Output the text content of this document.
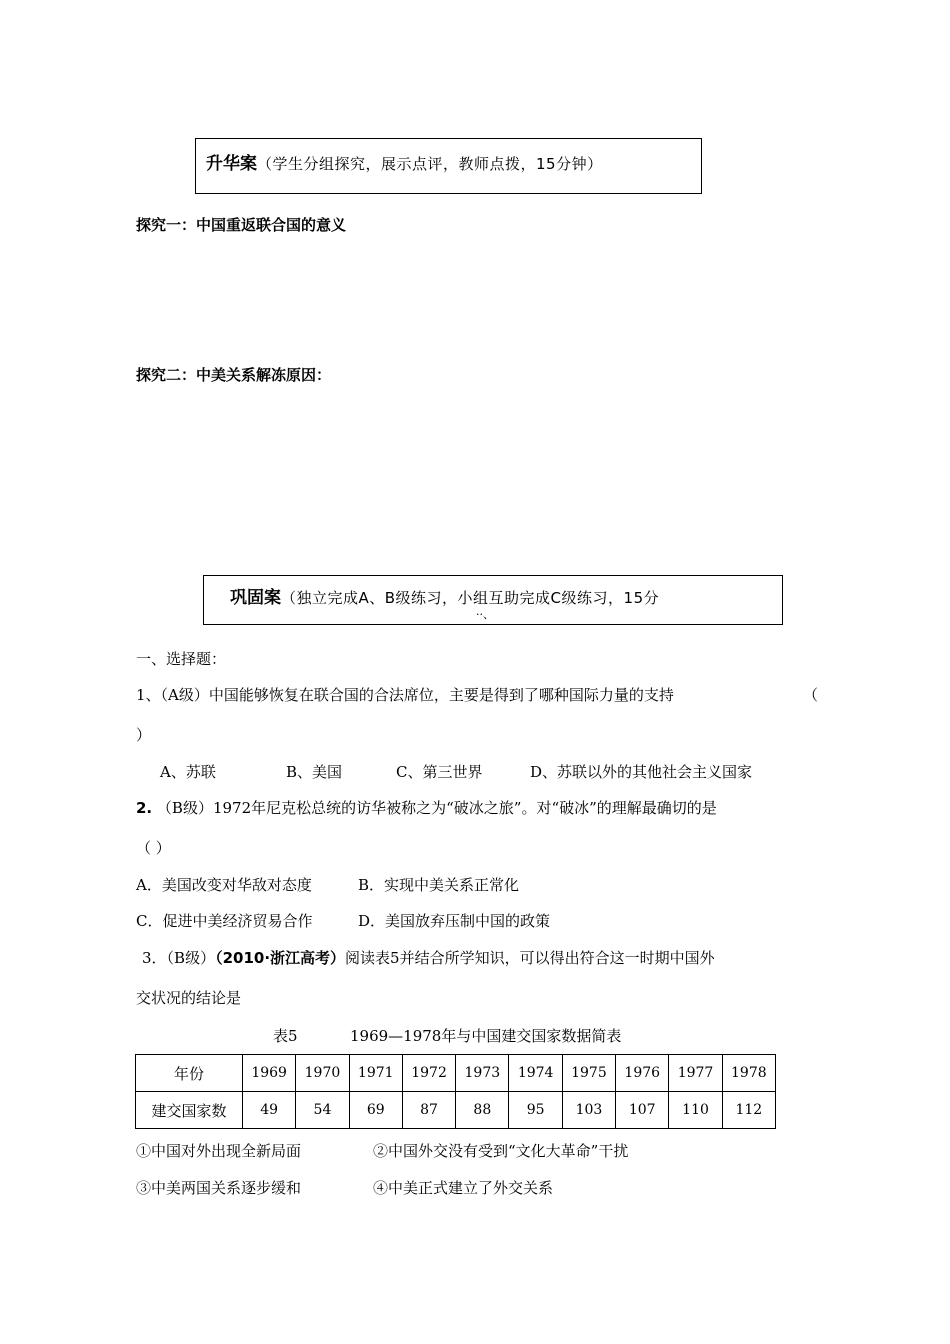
升华案（学生分组探究，展示点评，教师点拨，15分钟）
探究一：中国重返联合国的意义
探究二：中美关系解冻原因：
巩固案（独立完成A、B级练习，小组互助完成C级练习，15分
··、
一、选择题：
1、（A级）中国能够恢复在联合国的合法席位，主要是得到了哪种国际力量的支持	（
）
A、苏联	B、美国	C、第三世界	D、苏联以外的其他社会主义国家
2. （B级）1972年尼克松总统的访华被称之为“破冰之旅”。对“破冰”的理解最确切的是
（ ）
A．美国改变对华敌对态度	B．实现中美关系正常化
C．促进中美经济贸易合作	D．美国放弃压制中国的政策
3．（B级）（2010·浙江高考）阅读表5并结合所学知识，可以得出符合这一时期中国外
交状况的结论是
表5	1969—1978年与中国建交国家数据简表
年份	1969	1970	1971	1972	1973	1974	1975	1976	1977	1978
建交国家数	49	54	69	87	88	95	103	107	110	112
①中国对外出现全新局面	②中国外交没有受到“文化大革命”干扰
③中美两国关系逐步缓和	④中美正式建立了外交关系
